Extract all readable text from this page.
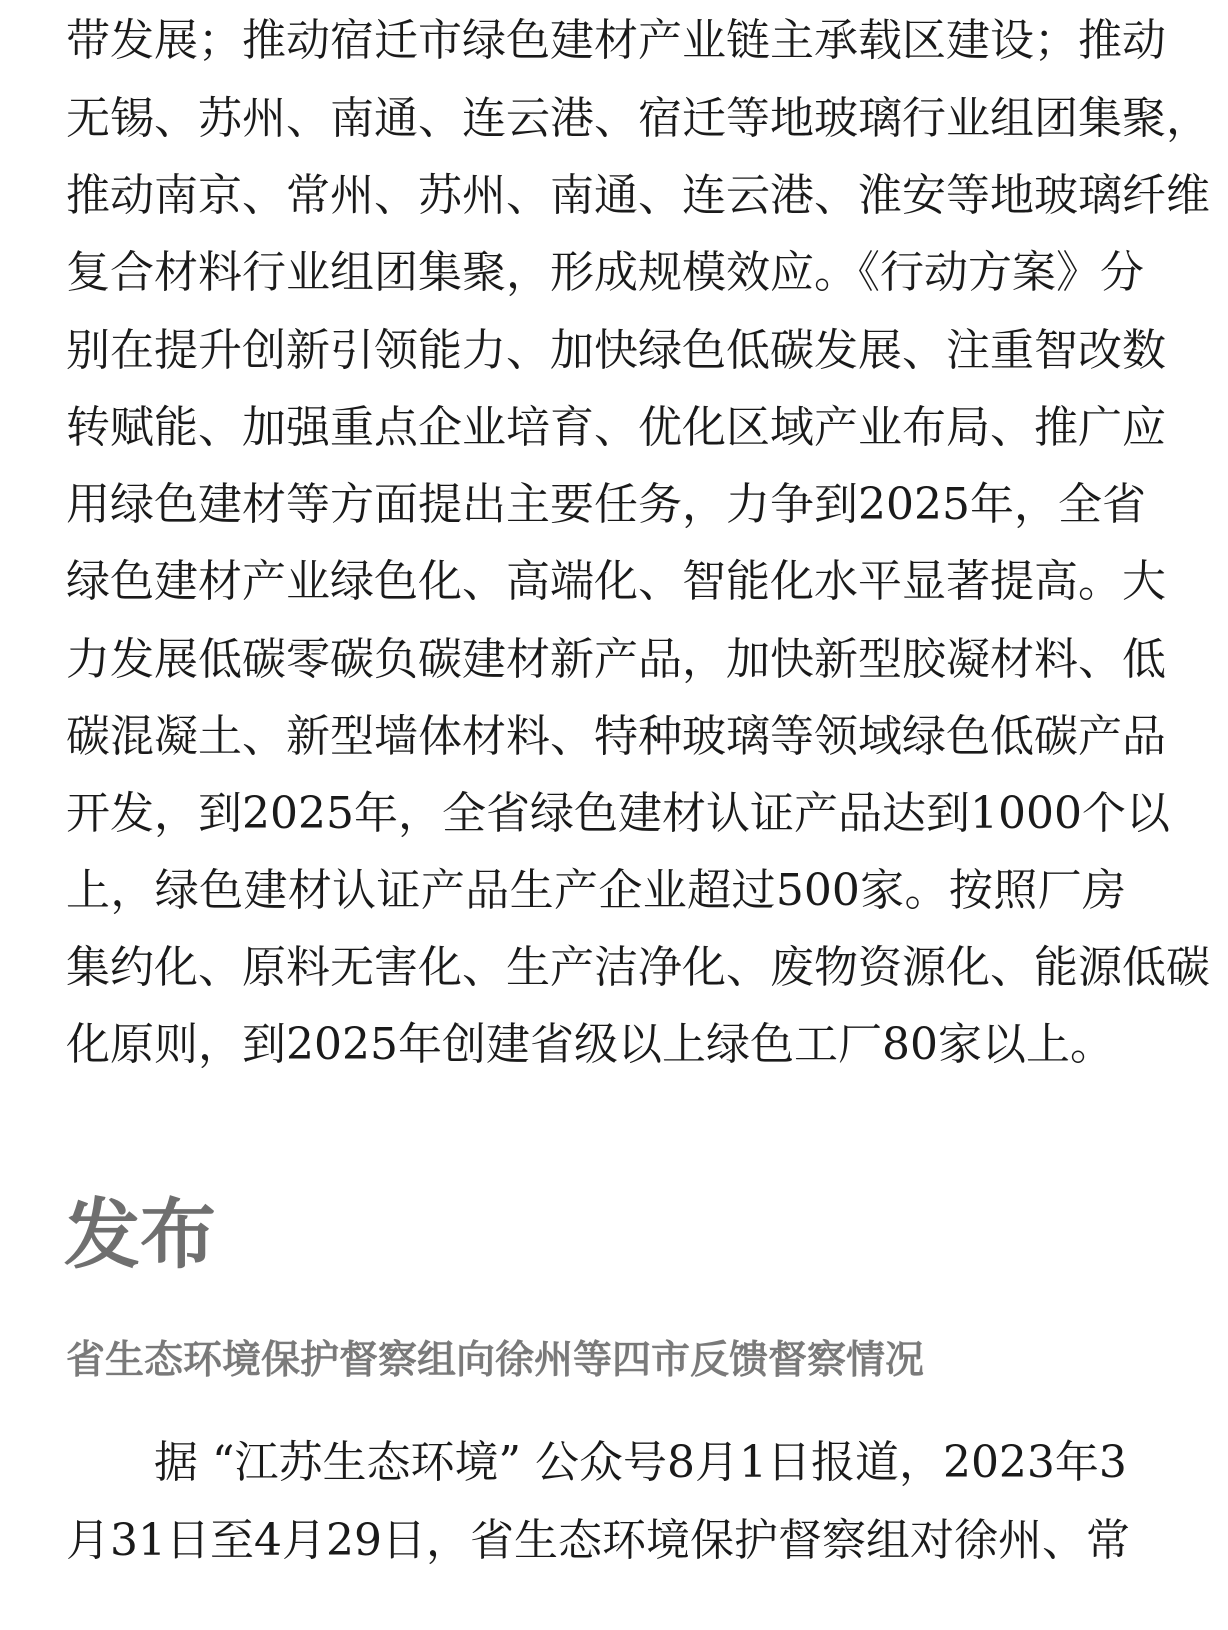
带发展；推动宿迁市绿色建材产业链主承载区建设；推动
无锡、苏州、南通、连云港、宿迁等地玻璃行业组团集聚，
推动南京、常州、苏州、南通、连云港、淮安等地玻璃纤维
复合材料行业组团集聚，形成规模效应。《行动方案》分
别在提升创新引领能力、加快绿色低碳发展、注重智改数
转赋能、加强重点企业培育、优化区域产业布局、推广应
用绿色建材等方面提出主要任务，力争到2025年，全省
绿色建材产业绿色化、高端化、智能化水平显著提高。大
力发展低碳零碳负碳建材新产品，加快新型胶凝材料、低
碳混凝土、新型墙体材料、特种玻璃等领域绿色低碳产品
开发，到2025年，全省绿色建材认证产品达到1000个以
上，绿色建材认证产品生产企业超过500家。按照厂房
集约化、原料无害化、生产洁净化、废物资源化、能源低碳
化原则，到2025年创建省级以上绿色工厂80家以上。
发布
省生态环境保护督察组向徐州等四市反馈督察情况
据 “江苏生态环境” 公众号8月1日报道，2023年3
月31日至4月29日，省生态环境保护督察组对徐州、常
